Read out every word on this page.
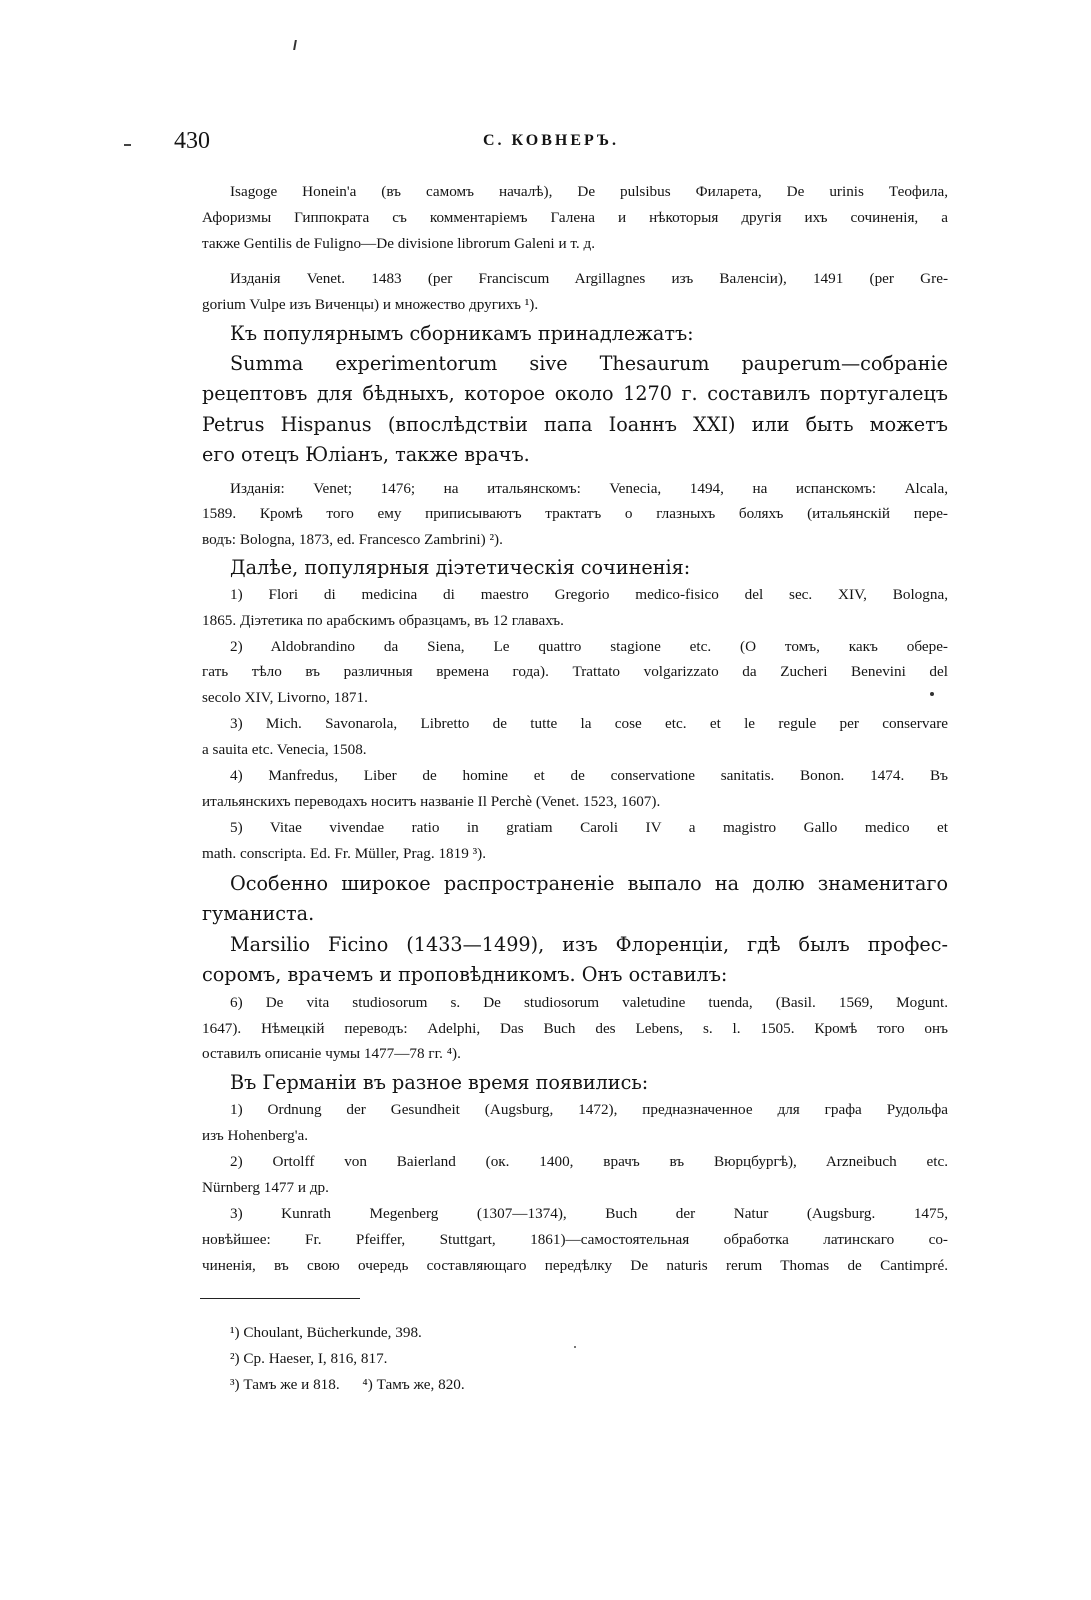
430	С. КОВНЕРЪ.
Isagoge Honein'a (въ самомъ началѣ), De pulsibus Филарета, De urinis Теофила,
Афоризмы Гиппократа съ комментаріемъ Галена и нѣкоторыя другія ихъ сочиненія, а
также Gentilis de Fuligno—De divisione librorum Galeni и т. д.
Изданія Venet. 1483 (per Franciscum Argillagnes изъ Валенсіи), 1491 (per Gre-
gorium Vulpe изъ Виченцы) и множество другихъ ¹).
Къ популярнымъ сборникамъ принадлежатъ:
Summa experimentorum sive Thesaurum pauperum—собраніе
рецептовъ для бѣдныхъ, которое около 1270 г. составилъ португалецъ
Petrus Hispanus (впослѣдствіи папа Іоаннъ XXI) или быть можетъ
его отецъ Юліанъ, также врачъ.
Изданія: Venet; 1476; на итальянскомъ: Venecia, 1494, на испанскомъ: Alcala,
1589. Кромѣ того ему приписываютъ трактатъ о глазныхъ боляхъ (итальянскій пере-
водъ: Bologna, 1873, ed. Francesco Zambrini) ²).
Далѣе, популярныя діэтетическія сочиненія:
1) Flori di medicina di maestro Gregorio medico-fisico del sec. XIV, Bologna,
1865. Діэтетика по арабскимъ образцамъ, въ 12 главахъ.
2) Aldobrandino da Siena, Le quattro stagione etc. (О томъ, какъ обере-
гать тѣло въ различныя времена года). Trattato volgarizzato da Zucheri Benevini del
secolo XIV, Livorno, 1871.
3) Mich. Savonarola, Libretto de tutte la cose etc. et le regule per conservare
a sauita etc. Venecia, 1508.
4) Manfredus, Liber de homine et de conservatione sanitatis. Bonon. 1474. Въ
итальянскихъ переводахъ носитъ названіе Il Perchè (Venet. 1523, 1607).
5) Vitae vivendae ratio in gratiam Caroli IV a magistro Gallo medico et
math. conscripta. Ed. Fr. Müller, Prag. 1819 ³).
Особенно широкое распространеніе выпало на долю знаменитаго
гуманиста.
Marsilio Ficino (1433—1499), изъ Флоренціи, гдѣ былъ профес-
соромъ, врачемъ и проповѣдникомъ. Онъ оставилъ:
6) De vita studiosorum s. De studiosorum valetudine tuenda, (Basil. 1569, Mogunt.
1647). Нѣмецкій переводъ: Adelphi, Das Buch des Lebens, s. l. 1505. Кромѣ того онъ
оставилъ описаніе чумы 1477—78 гг. ⁴).
Въ Германіи въ разное время появились:
1) Ordnung der Gesundheit (Augsburg, 1472), предназначенное для графа Рудольфа
изъ Hohenberg'a.
2) Ortolff von Baierland (ок. 1400, врачъ въ Вюрцбургѣ), Arzneibuch etc.
Nürnberg 1477 и др.
3) Kunrath Megenberg (1307—1374), Buch der Natur (Augsburg. 1475,
новѣйшее: Fr. Pfeiffer, Stuttgart, 1861)—самостоятельная обработка латинскаго со-
чиненія, въ свою очередь составляющаго передѣлку De naturis rerum Thomas de Cantimpré.
¹) Choulant, Bücherkunde, 398.
²) Cp. Haeser, I, 816, 817.
³) Тамъ же и 818.      ⁴) Тамъ же, 820.
